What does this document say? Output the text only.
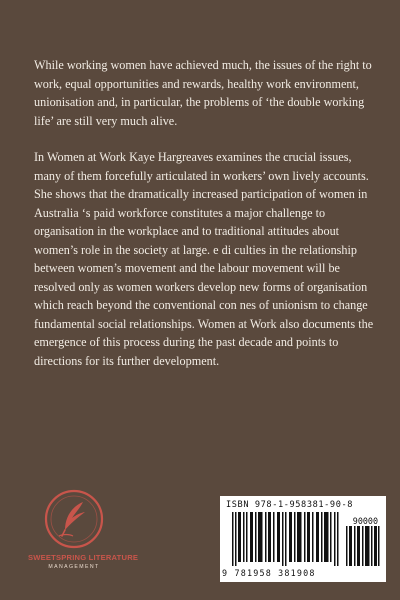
While working women have achieved much, the issues of the right to work, equal opportunities and rewards, healthy work environment, unionisation and, in particular, the problems of ‘the double working life’ are still very much alive.

In Women at Work Kaye Hargreaves examines the crucial issues, many of them forcefully articulated in workers’ own lively accounts. She shows that the dramatically increased participation of women in Australia ‘s paid workforce constitutes a major challenge to organisation in the workplace and to traditional attitudes about women’s role in the society at large. e di culties in the relationship between women’s movement and the labour movement will be resolved only as women workers develop new forms of organisation which reach beyond the conventional con nes of unionism to change fundamental social relationships. Women at Work also documents the emergence of this process during the past decade and points to directions for its further development.

SWEETSPRING LITERATURE
MANAGEMENT
ISBN 978-1-958381-90-8
90000
9 781958 381908
